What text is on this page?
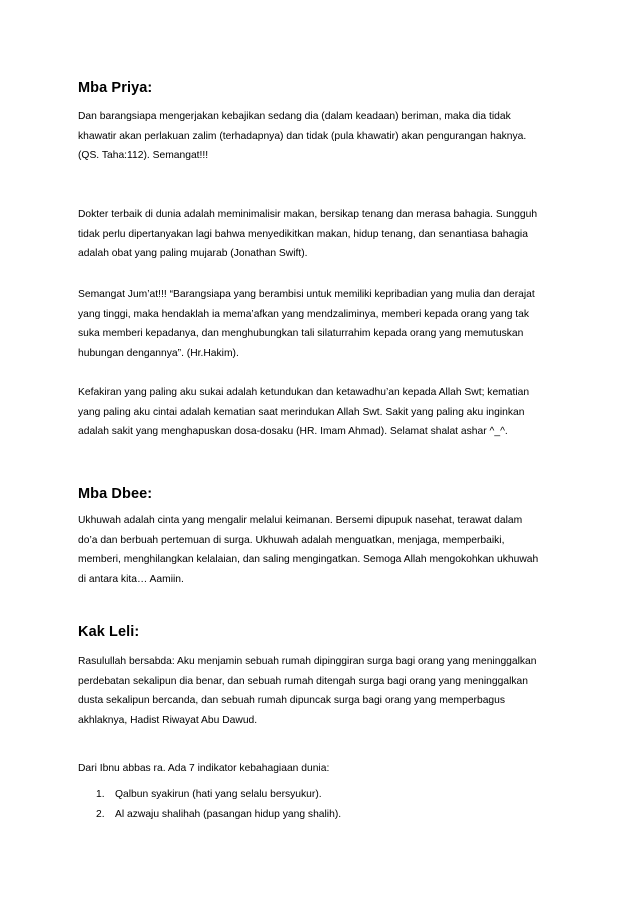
Mba Priya:
Dan barangsiapa mengerjakan kebajikan sedang dia (dalam keadaan) beriman, maka dia tidak
khawatir akan perlakuan zalim (terhadapnya) dan tidak (pula khawatir) akan pengurangan haknya.
(QS. Taha:112). Semangat!!!
Dokter terbaik di dunia adalah meminimalisir makan, bersikap tenang dan merasa bahagia. Sungguh
tidak perlu dipertanyakan lagi bahwa menyedikitkan makan, hidup tenang, dan senantiasa bahagia
adalah obat yang paling mujarab (Jonathan Swift).
Semangat Jum’at!!! “Barangsiapa yang berambisi untuk memiliki kepribadian yang mulia dan derajat
yang tinggi, maka hendaklah ia mema’afkan yang mendzaliminya, memberi kepada orang yang tak
suka memberi kepadanya, dan menghubungkan tali silaturrahim kepada orang yang memutuskan
hubungan dengannya”. (Hr.Hakim).
Kefakiran yang paling aku sukai adalah ketundukan dan ketawadhu’an kepada Allah Swt; kematian
yang paling aku cintai adalah kematian saat merindukan Allah Swt. Sakit yang paling aku inginkan
adalah sakit yang menghapuskan dosa-dosaku (HR. Imam Ahmad). Selamat shalat ashar ^_^.
Mba Dbee:
Ukhuwah adalah cinta yang mengalir melalui keimanan. Bersemi dipupuk nasehat, terawat dalam
do’a dan berbuah pertemuan di surga. Ukhuwah adalah menguatkan, menjaga, memperbaiki,
memberi, menghilangkan kelalaian, dan saling mengingatkan. Semoga Allah mengokohkan ukhuwah
di antara kita… Aamiin.
Kak Leli:
Rasulullah bersabda: Aku menjamin sebuah rumah dipinggiran surga bagi orang yang meninggalkan
perdebatan sekalipun dia benar, dan sebuah rumah ditengah surga bagi orang yang meninggalkan
dusta sekalipun bercanda, dan sebuah rumah dipuncak surga bagi orang yang memperbagus
akhlaknya, Hadist Riwayat Abu Dawud.
Dari Ibnu abbas ra. Ada 7 indikator kebahagiaan dunia:
1. Qalbun syakirun (hati yang selalu bersyukur).
2. Al azwaju shalihah (pasangan hidup yang shalih).
